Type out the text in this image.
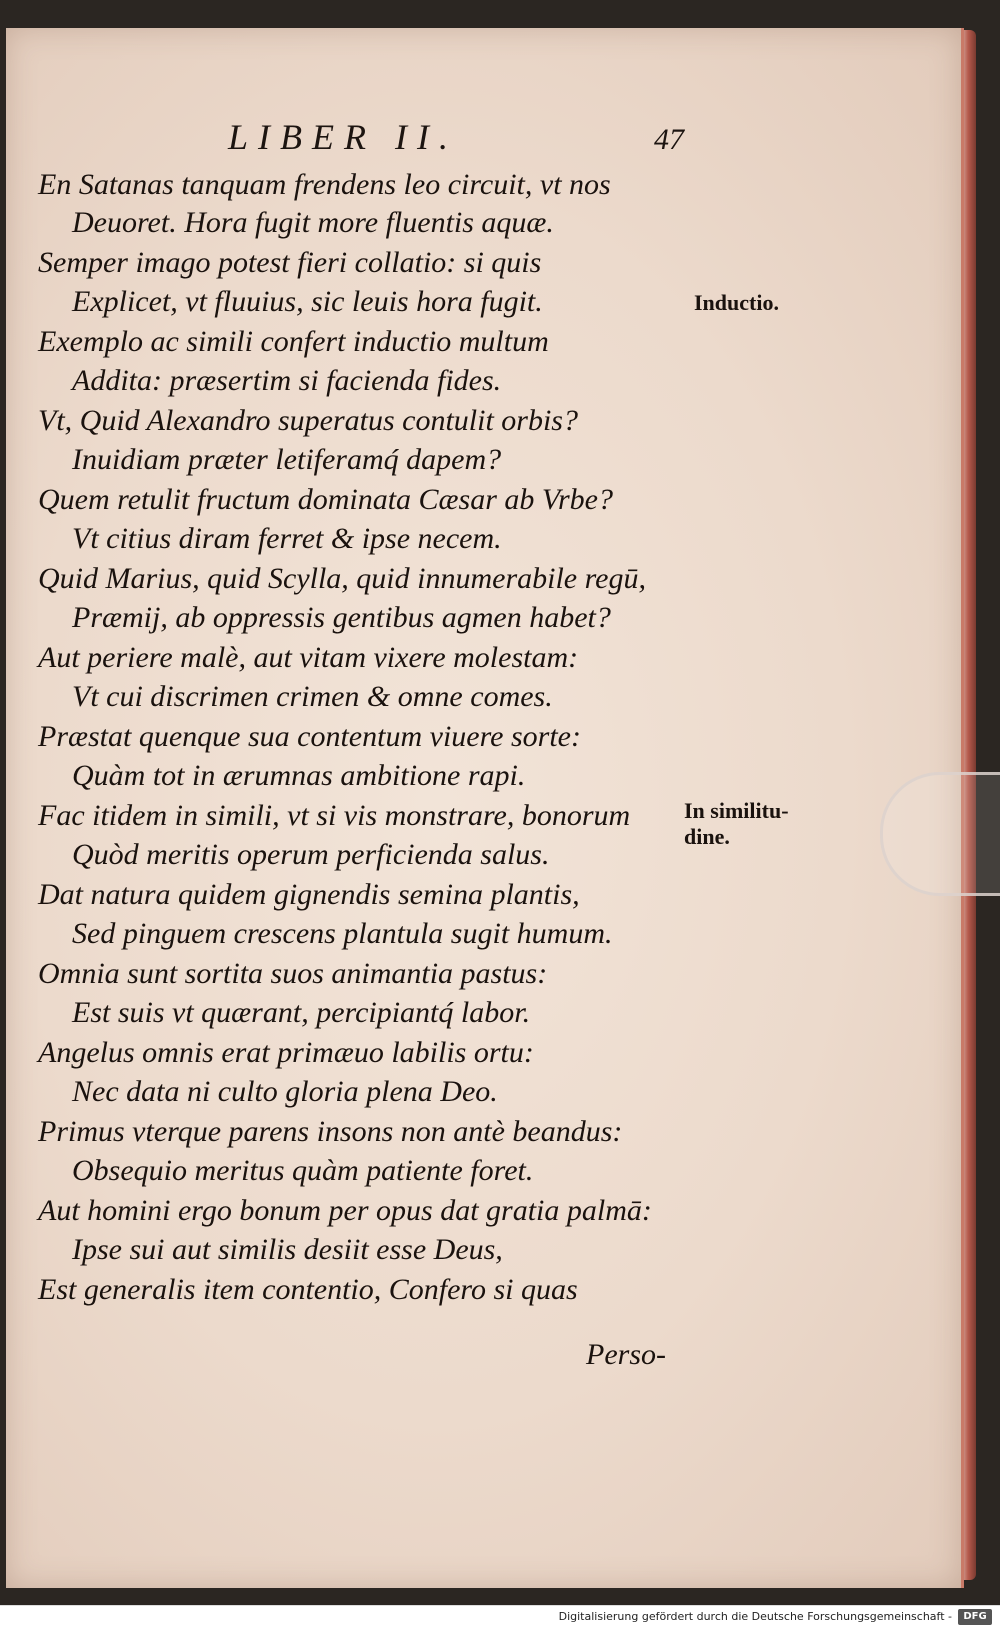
LIBER II.	47
En Satanas tanquam frendens leo circuit, vt nos
Deuoret. Hora fugit more fluentis aquæ.
Semper imago potest fieri collatio: si quis
Explicet, vt fluuius, sic leuis hora fugit.
Exemplo ac simili confert inductio multum
Addita: præsertim si facienda fides.
Vt, Quid Alexandro superatus contulit orbis?
Inuidiam præter letiferamq́ dapem?
Quem retulit fructum dominata Cæsar ab Vrbe?
Vt citius diram ferret & ipse necem.
Quid Marius, quid Scylla, quid innumerabile regū,
Præmij, ab oppressis gentibus agmen habet?
Aut periere malè, aut vitam vixere molestam:
Vt cui discrimen crimen & omne comes.
Præstat quenque sua contentum viuere sorte:
Quàm tot in ærumnas ambitione rapi.
Fac itidem in simili, vt si vis monstrare, bonorum
Quòd meritis operum perficienda salus.
Dat natura quidem gignendis semina plantis,
Sed pinguem crescens plantula sugit humum.
Omnia sunt sortita suos animantia pastus:
Est suis vt quærant, percipiantq́ labor.
Angelus omnis erat primæuo labilis ortu:
Nec data ni culto gloria plena Deo.
Primus vterque parens insons non antè beandus:
Obsequio meritus quàm patiente foret.
Aut homini ergo bonum per opus dat gratia palmā:
Ipse sui aut similis desiit esse Deus,
Est generalis item contentio, Confero si quas
Inductio.
In similitu-
dine.
Perso-
Digitalisierung gefördert durch die Deutsche Forschungsgemeinschaft -	DFG
